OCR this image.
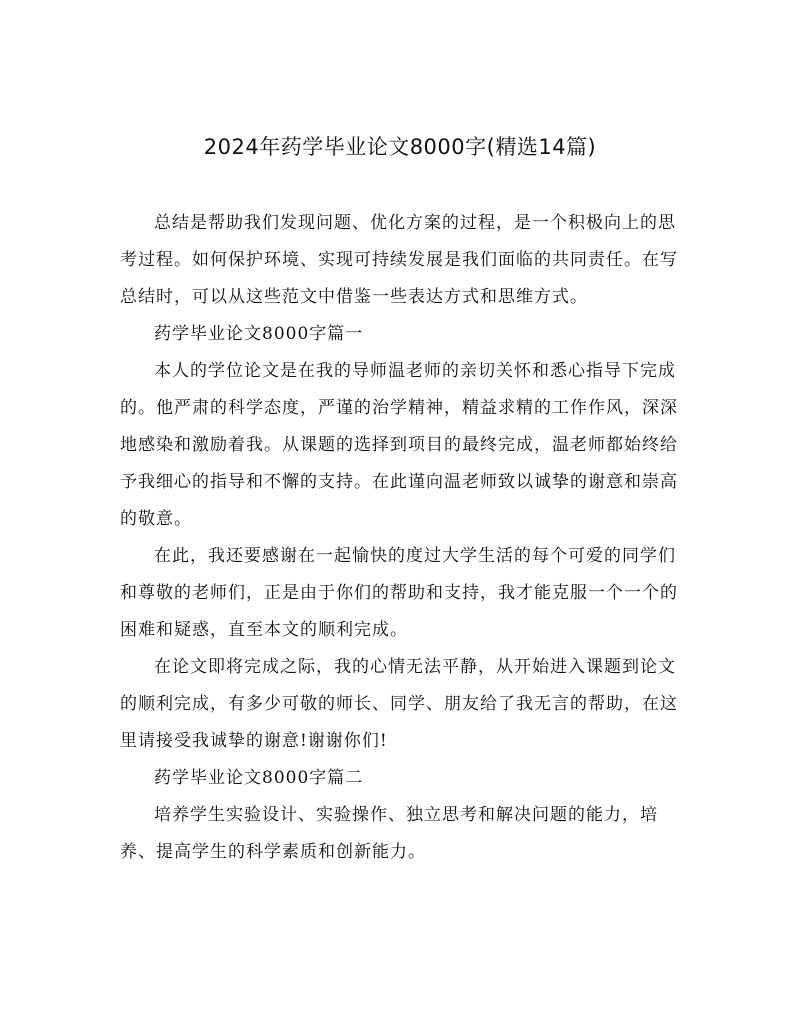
2024年药学毕业论文8000字(精选14篇)

总结是帮助我们发现问题、优化方案的过程，是一个积极向上的思考过程。如何保护环境、实现可持续发展是我们面临的共同责任。在写总结时，可以从这些范文中借鉴一些表达方式和思维方式。

药学毕业论文8000字篇一

本人的学位论文是在我的导师温老师的亲切关怀和悉心指导下完成的。他严肃的科学态度，严谨的治学精神，精益求精的工作作风，深深地感染和激励着我。从课题的选择到项目的最终完成，温老师都始终给予我细心的指导和不懈的支持。在此谨向温老师致以诚挚的谢意和崇高的敬意。

在此，我还要感谢在一起愉快的度过大学生活的每个可爱的同学们和尊敬的老师们，正是由于你们的帮助和支持，我才能克服一个一个的困难和疑惑，直至本文的顺利完成。

在论文即将完成之际，我的心情无法平静，从开始进入课题到论文的顺利完成，有多少可敬的师长、同学、朋友给了我无言的帮助，在这里请接受我诚挚的谢意!谢谢你们!

药学毕业论文8000字篇二

培养学生实验设计、实验操作、独立思考和解决问题的能力，培养、提高学生的科学素质和创新能力。
